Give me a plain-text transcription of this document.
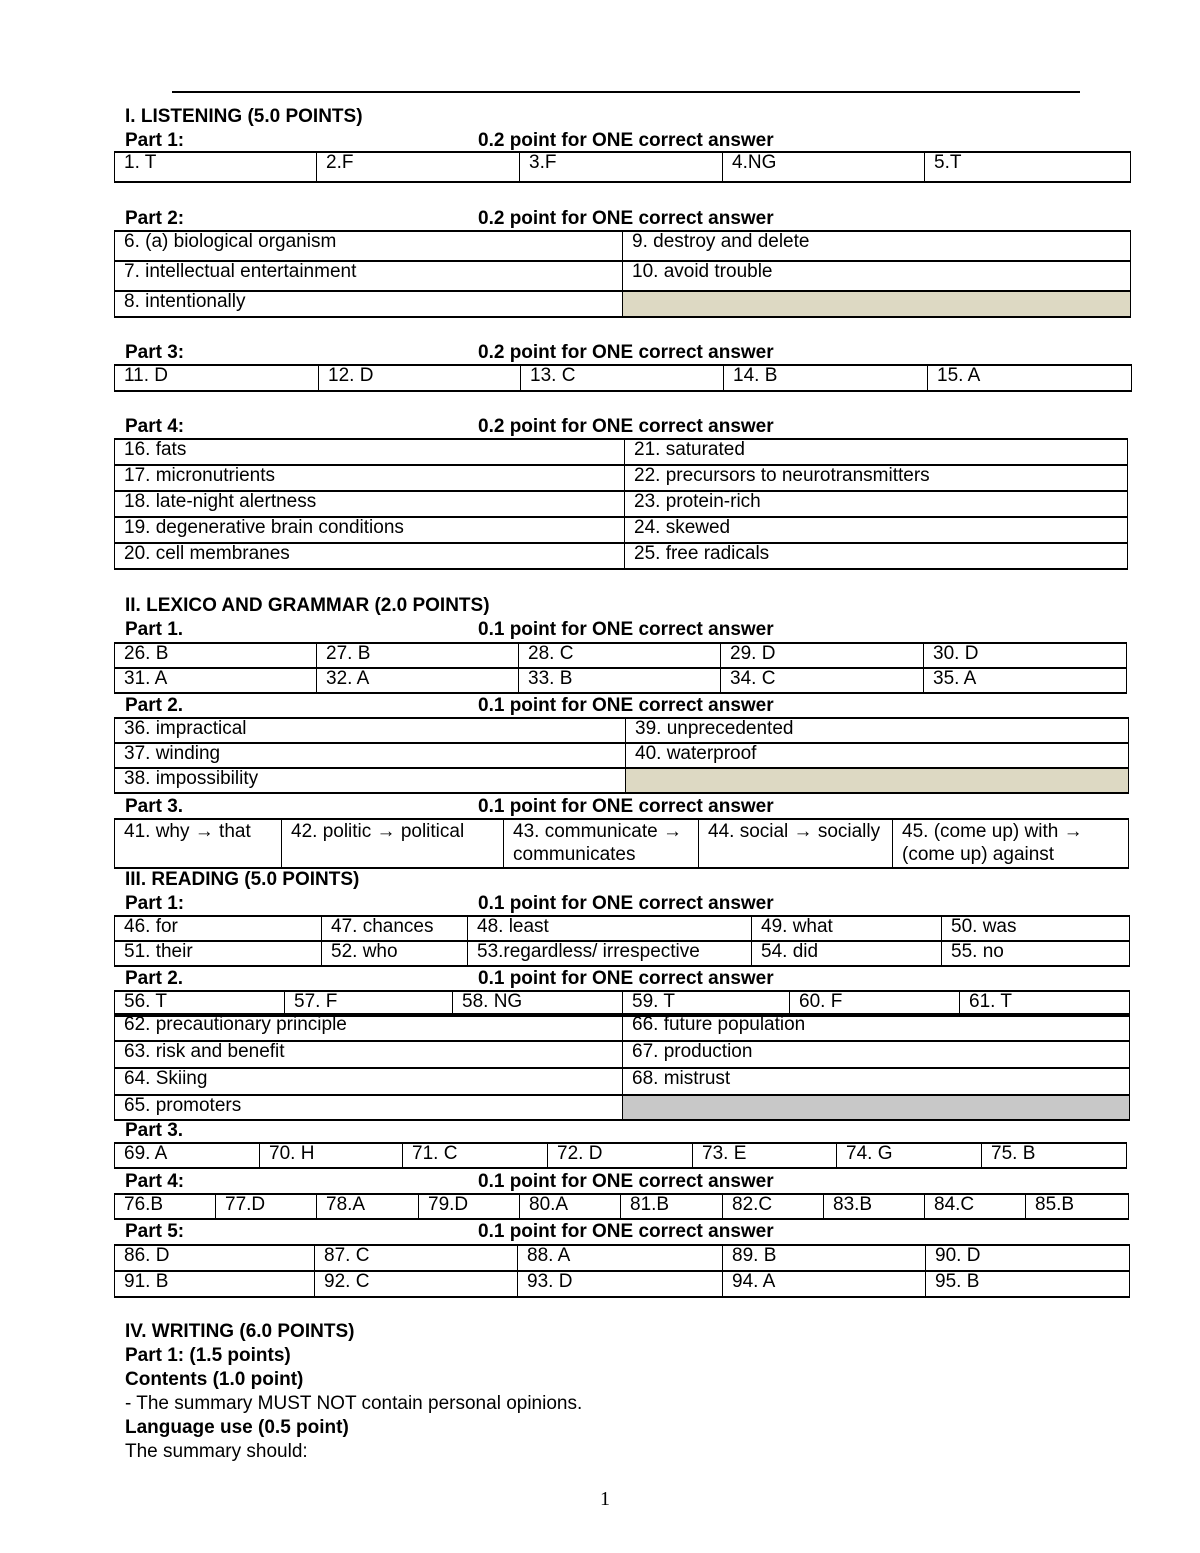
I. LISTENING (5.0 POINTS)
Part 1:	0.2 point for ONE correct answer
1. T	2.F	3.F	4.NG	5.T
Part 2:	0.2 point for ONE correct answer
6. (a) biological organism	9. destroy and delete
7. intellectual entertainment	10. avoid trouble
8. intentionally	
Part 3:	0.2 point for ONE correct answer
11. D	12. D	13. C	14. B	15. A
Part 4:	0.2 point for ONE correct answer
16. fats	21. saturated
17. micronutrients	22. precursors to neurotransmitters
18. late-night alertness	23. protein-rich
19. degenerative brain conditions	24. skewed
20. cell membranes	25. free radicals
II. LEXICO AND GRAMMAR (2.0 POINTS)
Part 1.	0.1 point for ONE correct answer
26. B	27. B	28. C	29. D	30. D
31. A	32. A	33. B	34. C	35. A
Part 2.	0.1 point for ONE correct answer
36. impractical	39. unprecedented
37. winding	40. waterproof
38. impossibility	
Part 3.	0.1 point for ONE correct answer
41. why → that	42. politic → political	43. communicate → communicates	44. social → socially	45. (come up) with → (come up) against
III. READING (5.0 POINTS)
Part 1:	0.1 point for ONE correct answer
46. for	47. chances	48. least	49. what	50. was
51. their	52. who	53.regardless/ irrespective	54. did	55. no
Part 2.	0.1 point for ONE correct answer
56. T	57. F	58. NG	59. T	60. F	61. T
62. precautionary principle	66. future population
63. risk and benefit	67. production
64. Skiing	68. mistrust
65. promoters	
Part 3.
69. A	70. H	71. C	72. D	73. E	74. G	75. B
Part 4:	0.1 point for ONE correct answer
76.B	77.D	78.A	79.D	80.A	81.B	82.C	83.B	84.C	85.B
Part 5:	0.1 point for ONE correct answer
86. D	87. C	88. A	89. B	90. D
91. B	92. C	93. D	94. A	95. B
IV. WRITING (6.0 POINTS)
Part 1: (1.5 points)
Contents (1.0 point)
- The summary MUST NOT contain personal opinions.
Language use (0.5 point)
The summary should:
1
